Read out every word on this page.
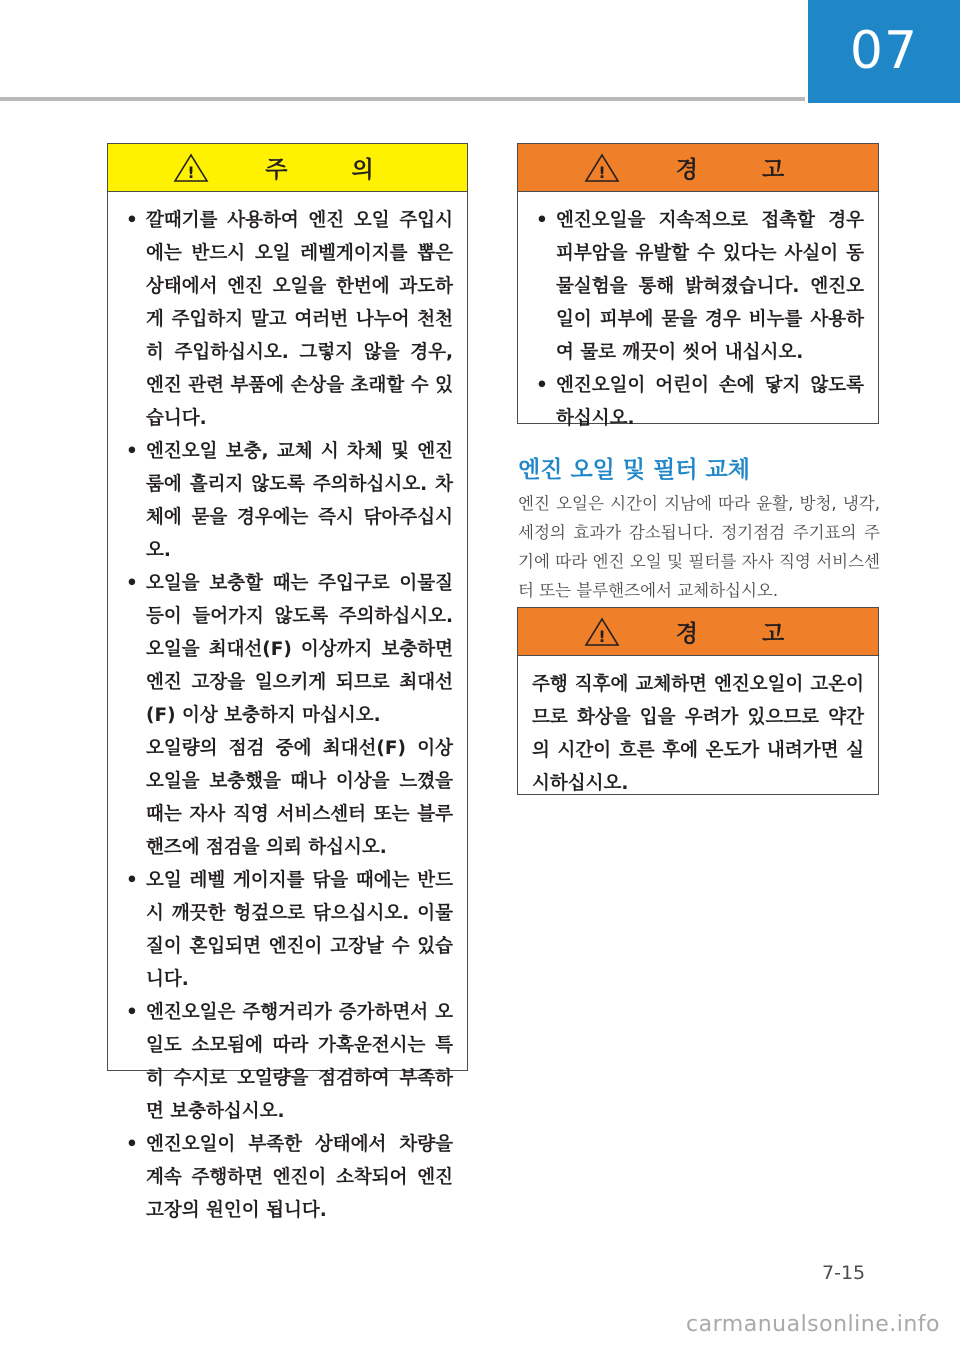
07
!	주 의
• 깔때기를 사용하여 엔진 오일 주입시에는 반드시 오일 레벨게이지를 뽑은 상태에서 엔진 오일을 한번에 과도하게 주입하지 말고 여러번 나누어 천천히 주입하십시오. 그렇지 않을 경우, 엔진 관련 부품에 손상을 초래할 수 있습니다.
• 엔진오일 보충, 교체 시 차체 및 엔진룸에 흘리지 않도록 주의하십시오. 차체에 묻을 경우에는 즉시 닦아주십시오.
• 오일을 보충할 때는 주입구로 이물질 등이 들어가지 않도록 주의하십시오. 오일을 최대선(F) 이상까지 보충하면 엔진 고장을 일으키게 되므로 최대선(F) 이상 보충하지 마십시오.
오일량의 점검 중에 최대선(F) 이상 오일을 보충했을 때나 이상을 느꼈을 때는 자사 직영 서비스센터 또는 블루핸즈에 점검을 의뢰 하십시오.
• 오일 레벨 게이지를 닦을 때에는 반드시 깨끗한 헝겊으로 닦으십시오. 이물질이 혼입되면 엔진이 고장날 수 있습니다.
• 엔진오일은 주행거리가 증가하면서 오일도 소모됨에 따라 가혹운전시는 특히 수시로 오일량을 점검하여 부족하면 보충하십시오.
• 엔진오일이 부족한 상태에서 차량을 계속 주행하면 엔진이 소착되어 엔진 고장의 원인이 됩니다.
!	경 고
• 엔진오일을 지속적으로 접촉할 경우 피부암을 유발할 수 있다는 사실이 동물실험을 통해 밝혀졌습니다. 엔진오일이 피부에 묻을 경우 비누를 사용하여 물로 깨끗이 씻어 내십시오.
• 엔진오일이 어린이 손에 닿지 않도록 하십시오.
엔진 오일 및 필터 교체
엔진 오일은 시간이 지남에 따라 윤활, 방청, 냉각, 세정의 효과가 감소됩니다. 정기점검 주기표의 주기에 따라 엔진 오일 및 필터를 자사 직영 서비스센터 또는 블루핸즈에서 교체하십시오.
!	경 고
주행 직후에 교체하면 엔진오일이 고온이므로 화상을 입을 우려가 있으므로 약간의 시간이 흐른 후에 온도가 내려가면 실시하십시오.
7-15
carmanualsonline.info
